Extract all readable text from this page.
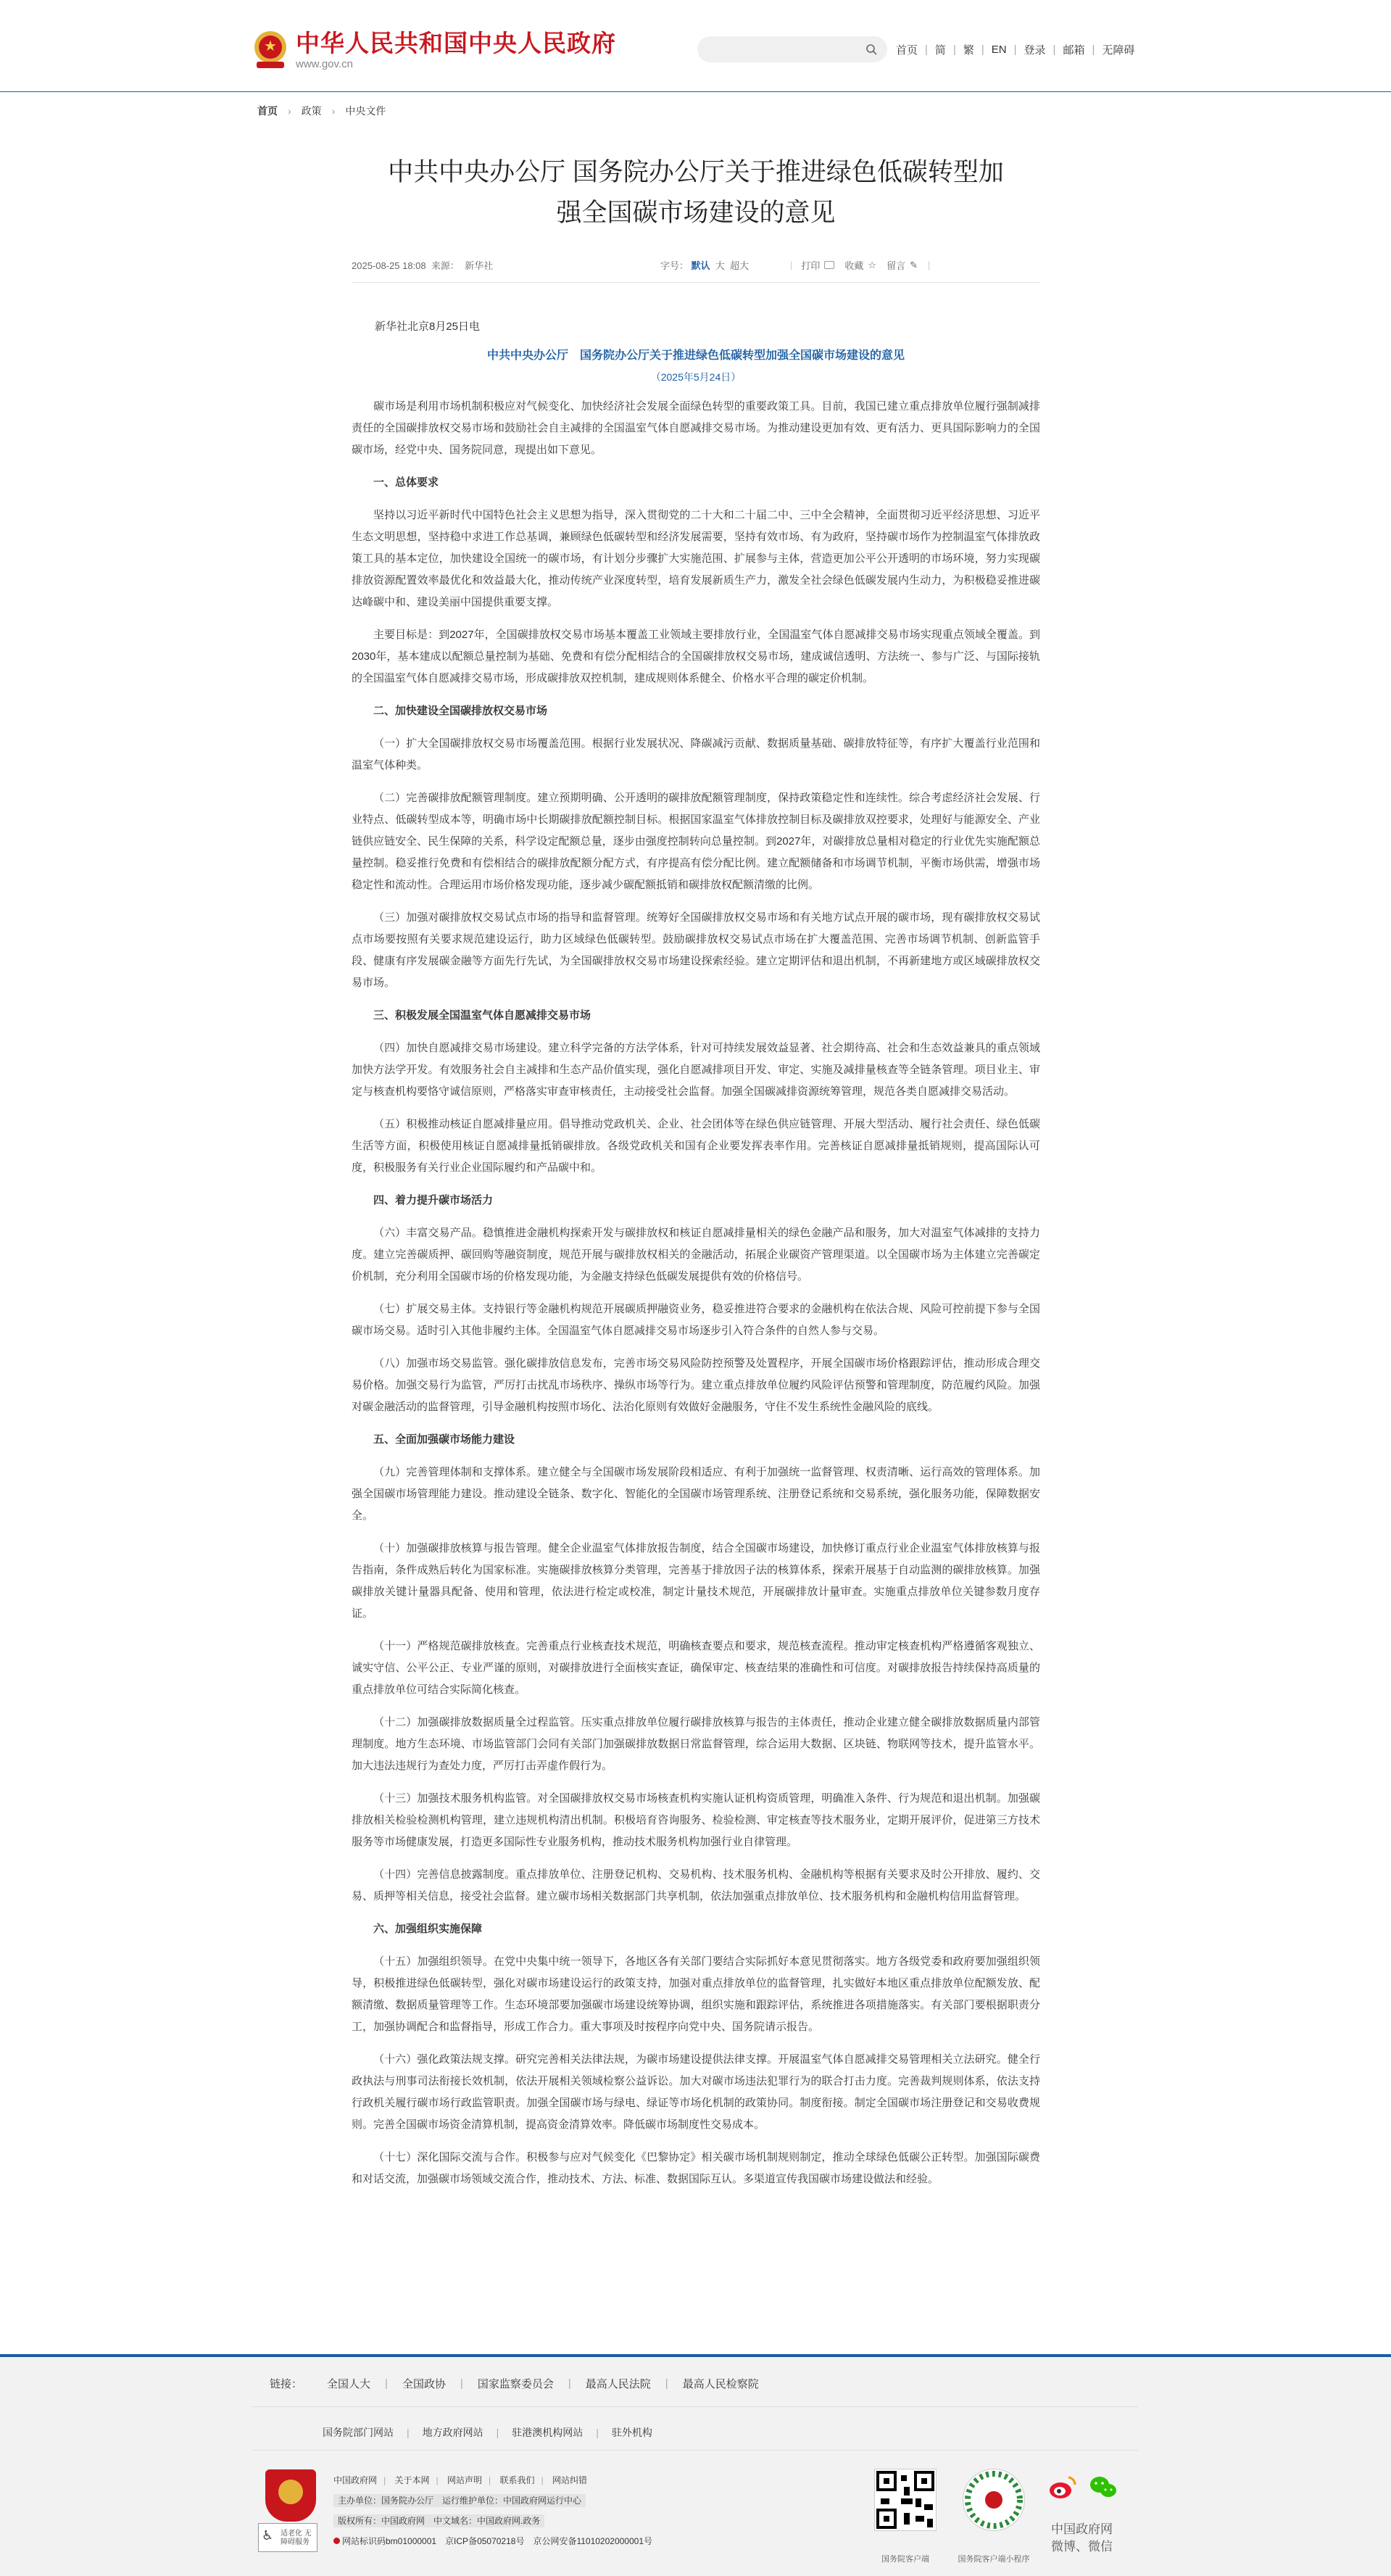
★ 中华人民共和国中央人民政府
www.gov.cn
首页 | 简 | 繁 | EN | 登录 | 邮箱 | 无障碍
首页 › 政策 › 中央文件
中共中央办公厅 国务院办公厅关于推进绿色低碳转型加
强全国碳市场建设的意见
2025-08-25 18:08 来源： 新华社	字号： 默认 大 超大	| 打印	收藏 ☆ 留言 ✎ |
新华社北京8月25日电
中共中央办公厅　国务院办公厅关于推进绿色低碳转型加强全国碳市场建设的意见
（2025年5月24日）

碳市场是利用市场机制积极应对气候变化、加快经济社会发展全面绿色转型的重要政策工具。目前，我国已建立重点排放单位履行强制减排责任的全国碳排放权交易市场和鼓励社会自主减排的全国温室气体自愿减排交易市场。为推动建设更加有效、更有活力、更具国际影响力的全国碳市场，经党中央、国务院同意，现提出如下意见。

一、总体要求

坚持以习近平新时代中国特色社会主义思想为指导，深入贯彻党的二十大和二十届二中、三中全会精神，全面贯彻习近平经济思想、习近平生态文明思想，坚持稳中求进工作总基调，兼顾绿色低碳转型和经济发展需要，坚持有效市场、有为政府，坚持碳市场作为控制温室气体排放政策工具的基本定位，加快建设全国统一的碳市场，有计划分步骤扩大实施范围、扩展参与主体，营造更加公平公开透明的市场环境，努力实现碳排放资源配置效率最优化和效益最大化，推动传统产业深度转型，培育发展新质生产力，激发全社会绿色低碳发展内生动力，为积极稳妥推进碳达峰碳中和、建设美丽中国提供重要支撑。

主要目标是：到2027年，全国碳排放权交易市场基本覆盖工业领域主要排放行业，全国温室气体自愿减排交易市场实现重点领域全覆盖。到2030年，基本建成以配额总量控制为基础、免费和有偿分配相结合的全国碳排放权交易市场，建成诚信透明、方法统一、参与广泛、与国际接轨的全国温室气体自愿减排交易市场，形成碳排放双控机制，建成规则体系健全、价格水平合理的碳定价机制。

二、加快建设全国碳排放权交易市场

（一）扩大全国碳排放权交易市场覆盖范围。根据行业发展状况、降碳减污贡献、数据质量基础、碳排放特征等，有序扩大覆盖行业范围和温室气体种类。

（二）完善碳排放配额管理制度。建立预期明确、公开透明的碳排放配额管理制度，保持政策稳定性和连续性。综合考虑经济社会发展、行业特点、低碳转型成本等，明确市场中长期碳排放配额控制目标。根据国家温室气体排放控制目标及碳排放双控要求，处理好与能源安全、产业链供应链安全、民生保障的关系，科学设定配额总量，逐步由强度控制转向总量控制。到2027年，对碳排放总量相对稳定的行业优先实施配额总量控制。稳妥推行免费和有偿相结合的碳排放配额分配方式，有序提高有偿分配比例。建立配额储备和市场调节机制，平衡市场供需，增强市场稳定性和流动性。合理运用市场价格发现功能，逐步减少碳配额抵销和碳排放权配额清缴的比例。

（三）加强对碳排放权交易试点市场的指导和监督管理。统筹好全国碳排放权交易市场和有关地方试点开展的碳市场，现有碳排放权交易试点市场要按照有关要求规范建设运行，助力区域绿色低碳转型。鼓励碳排放权交易试点市场在扩大覆盖范围、完善市场调节机制、创新监管手段、健康有序发展碳金融等方面先行先试，为全国碳排放权交易市场建设探索经验。建立定期评估和退出机制，不再新建地方或区域碳排放权交易市场。

三、积极发展全国温室气体自愿减排交易市场

（四）加快自愿减排交易市场建设。建立科学完备的方法学体系，针对可持续发展效益显著、社会期待高、社会和生态效益兼具的重点领域加快方法学开发。有效服务社会自主减排和生态产品价值实现，强化自愿减排项目开发、审定、实施及减排量核查等全链条管理。项目业主、审定与核查机构要恪守诚信原则，严格落实审查审核责任，主动接受社会监督。加强全国碳减排资源统筹管理，规范各类自愿减排交易活动。

（五）积极推动核证自愿减排量应用。倡导推动党政机关、企业、社会团体等在绿色供应链管理、开展大型活动、履行社会责任、绿色低碳生活等方面，积极使用核证自愿减排量抵销碳排放。各级党政机关和国有企业要发挥表率作用。完善核证自愿减排量抵销规则，提高国际认可度，积极服务有关行业企业国际履约和产品碳中和。

四、着力提升碳市场活力

（六）丰富交易产品。稳慎推进金融机构探索开发与碳排放权和核证自愿减排量相关的绿色金融产品和服务，加大对温室气体减排的支持力度。建立完善碳质押、碳回购等融资制度，规范开展与碳排放权相关的金融活动，拓展企业碳资产管理渠道。以全国碳市场为主体建立完善碳定价机制，充分利用全国碳市场的价格发现功能，为金融支持绿色低碳发展提供有效的价格信号。

（七）扩展交易主体。支持银行等金融机构规范开展碳质押融资业务，稳妥推进符合要求的金融机构在依法合规、风险可控前提下参与全国碳市场交易。适时引入其他非履约主体。全国温室气体自愿减排交易市场逐步引入符合条件的自然人参与交易。

（八）加强市场交易监管。强化碳排放信息发布，完善市场交易风险防控预警及处置程序，开展全国碳市场价格跟踪评估，推动形成合理交易价格。加强交易行为监管，严厉打击扰乱市场秩序、操纵市场等行为。建立重点排放单位履约风险评估预警和管理制度，防范履约风险。加强对碳金融活动的监督管理，引导金融机构按照市场化、法治化原则有效做好金融服务，守住不发生系统性金融风险的底线。

五、全面加强碳市场能力建设

（九）完善管理体制和支撑体系。建立健全与全国碳市场发展阶段相适应、有利于加强统一监督管理、权责清晰、运行高效的管理体系。加强全国碳市场管理能力建设。推动建设全链条、数字化、智能化的全国碳市场管理系统、注册登记系统和交易系统，强化服务功能，保障数据安全。

（十）加强碳排放核算与报告管理。健全企业温室气体排放报告制度，结合全国碳市场建设，加快修订重点行业企业温室气体排放核算与报告指南，条件成熟后转化为国家标准。实施碳排放核算分类管理，完善基于排放因子法的核算体系，探索开展基于自动监测的碳排放核算。加强碳排放关键计量器具配备、使用和管理，依法进行检定或校准，制定计量技术规范，开展碳排放计量审查。实施重点排放单位关键参数月度存证。

（十一）严格规范碳排放核查。完善重点行业核查技术规范，明确核查要点和要求，规范核查流程。推动审定核查机构严格遵循客观独立、诚实守信、公平公正、专业严谨的原则，对碳排放进行全面核实查证，确保审定、核查结果的准确性和可信度。对碳排放报告持续保持高质量的重点排放单位可结合实际简化核查。

（十二）加强碳排放数据质量全过程监管。压实重点排放单位履行碳排放核算与报告的主体责任，推动企业建立健全碳排放数据质量内部管理制度。地方生态环境、市场监管部门会同有关部门加强碳排放数据日常监督管理，综合运用大数据、区块链、物联网等技术，提升监管水平。加大违法违规行为查处力度，严厉打击弄虚作假行为。

（十三）加强技术服务机构监管。对全国碳排放权交易市场核查机构实施认证机构资质管理，明确准入条件、行为规范和退出机制。加强碳排放相关检验检测机构管理，建立违规机构清出机制。积极培育咨询服务、检验检测、审定核查等技术服务业，定期开展评价，促进第三方技术服务等市场健康发展，打造更多国际性专业服务机构，推动技术服务机构加强行业自律管理。

（十四）完善信息披露制度。重点排放单位、注册登记机构、交易机构、技术服务机构、金融机构等根据有关要求及时公开排放、履约、交易、质押等相关信息，接受社会监督。建立碳市场相关数据部门共享机制，依法加强重点排放单位、技术服务机构和金融机构信用监督管理。

六、加强组织实施保障

（十五）加强组织领导。在党中央集中统一领导下，各地区各有关部门要结合实际抓好本意见贯彻落实。地方各级党委和政府要加强组织领导，积极推进绿色低碳转型，强化对碳市场建设运行的政策支持，加强对重点排放单位的监督管理，扎实做好本地区重点排放单位配额发放、配额清缴、数据质量管理等工作。生态环境部要加强碳市场建设统筹协调，组织实施和跟踪评估，系统推进各项措施落实。有关部门要根据职责分工，加强协调配合和监督指导，形成工作合力。重大事项及时按程序向党中央、国务院请示报告。

（十六）强化政策法规支撑。研究完善相关法律法规，为碳市场建设提供法律支撑。开展温室气体自愿减排交易管理相关立法研究。健全行政执法与刑事司法衔接长效机制，依法开展相关领域检察公益诉讼。加大对碳市场违法犯罪行为的联合打击力度。完善裁判规则体系，依法支持行政机关履行碳市场行政监管职责。加强全国碳市场与绿电、绿证等市场化机制的政策协同。制度衔接。制定全国碳市场注册登记和交易收费规则。完善全国碳市场资金清算机制，提高资金清算效率。降低碳市场制度性交易成本。

（十七）深化国际交流与合作。积极参与应对气候变化《巴黎协定》相关碳市场机制规则制定，推动全球绿色低碳公正转型。加强国际碳费和对话交流，加强碳市场领域交流合作，推动技术、方法、标准、数据国际互认。多渠道宣传我国碳市场建设做法和经验。

链接： 全国人大 | 全国政协 | 国家监察委员会 | 最高人民法院 | 最高人民检察院
国务院部门网站 | 地方政府网站 | 驻港澳机构网站 | 驻外机构
♿ 适老化 无障碍服务
中国政府网 | 关于本网 | 网站声明 | 联系我们 | 网站纠错
主办单位：国务院办公厅　运行维护单位：中国政府网运行中心
版权所有：中国政府网　中文域名：中国政府网.政务
网站标识码bm01000001　京ICP备05070218号　京公网安备11010202000001号
国务院客户端	国务院客户端小程序

中国政府网
微博、微信
